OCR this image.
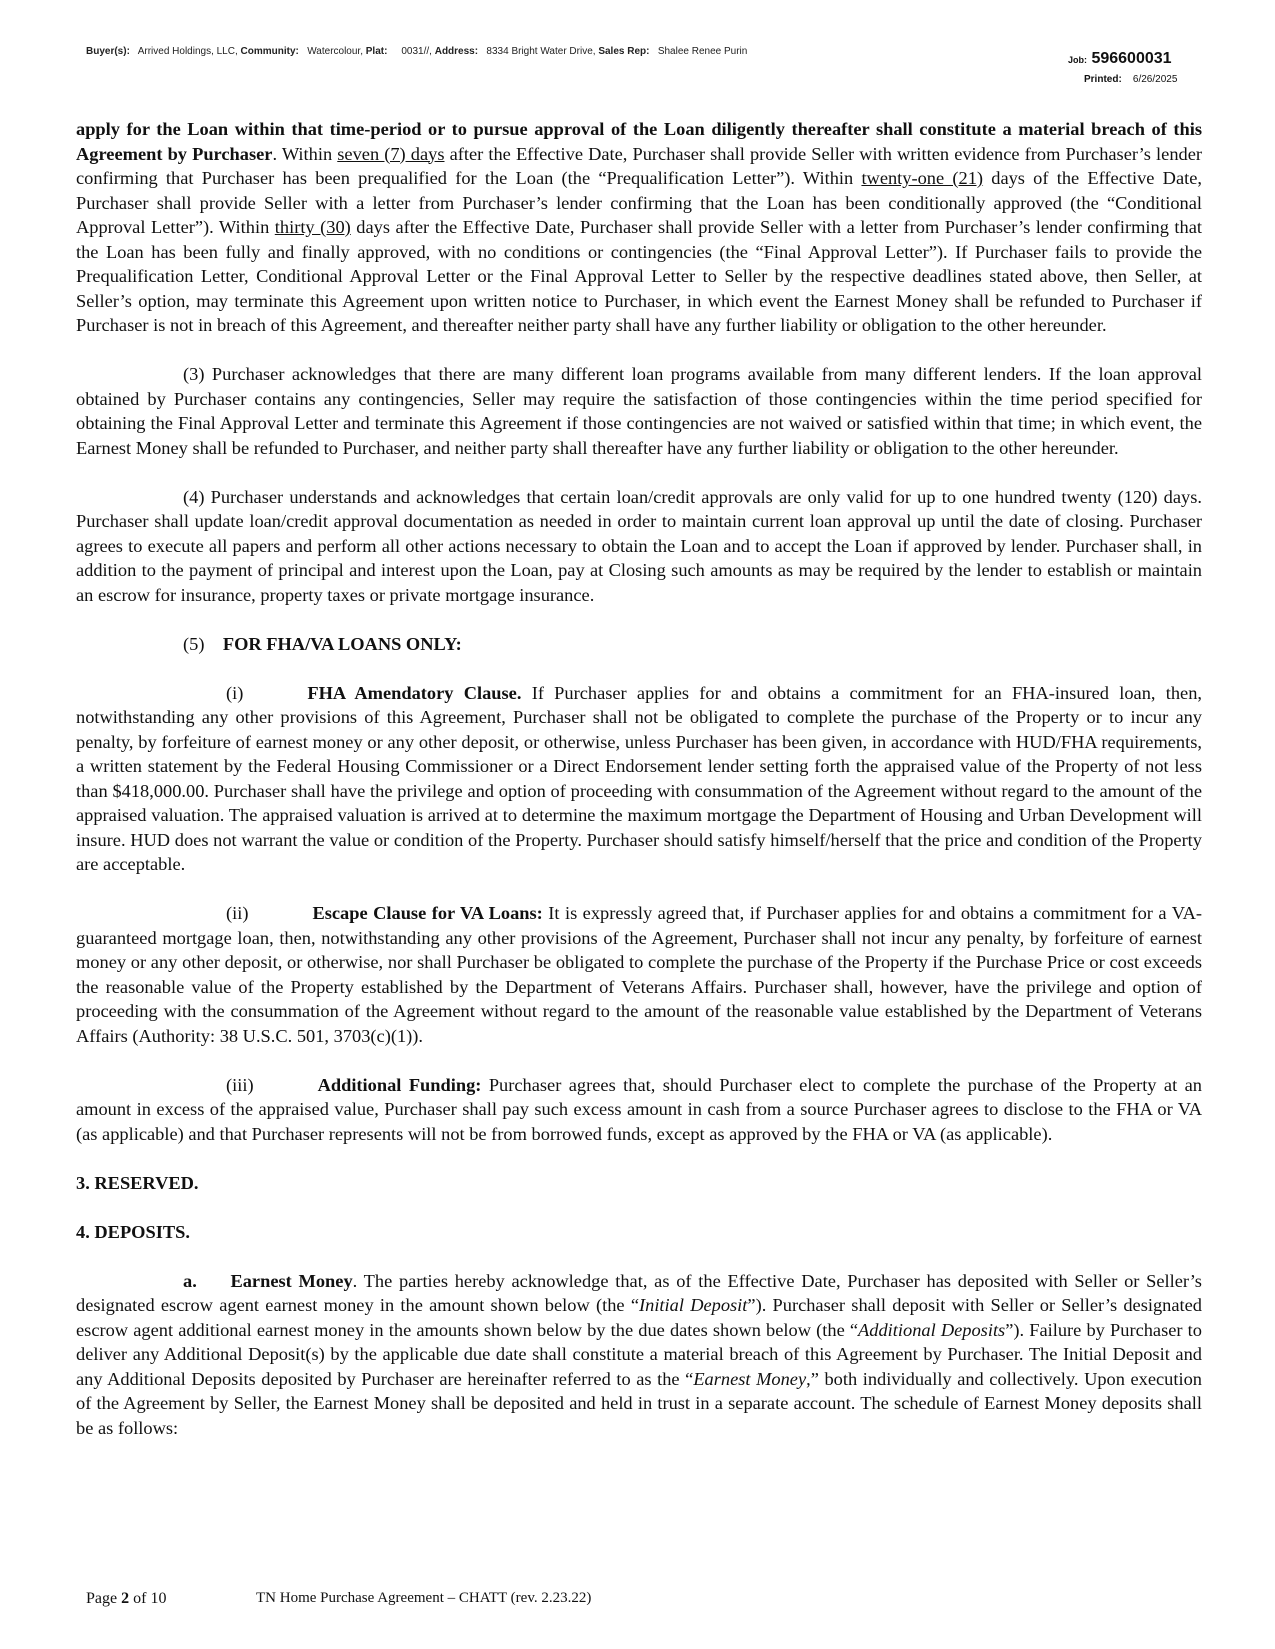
Buyer(s): Arrived Holdings, LLC, Community: Watercolour, Plat: 0031//, Address: 8334 Bright Water Drive, Sales Rep: Shalee Renee Purin
Job: 596600031
Printed: 6/26/2025

apply for the Loan within that time-period or to pursue approval of the Loan diligently thereafter shall constitute a material breach of this Agreement by Purchaser. Within seven (7) days after the Effective Date, Purchaser shall provide Seller with written evidence from Purchaser’s lender confirming that Purchaser has been prequalified for the Loan (the “Prequalification Letter”). Within twenty-one (21) days of the Effective Date, Purchaser shall provide Seller with a letter from Purchaser’s lender confirming that the Loan has been conditionally approved (the “Conditional Approval Letter”). Within thirty (30) days after the Effective Date, Purchaser shall provide Seller with a letter from Purchaser’s lender confirming that the Loan has been fully and finally approved, with no conditions or contingencies (the “Final Approval Letter”). If Purchaser fails to provide the Prequalification Letter, Conditional Approval Letter or the Final Approval Letter to Seller by the respective deadlines stated above, then Seller, at Seller’s option, may terminate this Agreement upon written notice to Purchaser, in which event the Earnest Money shall be refunded to Purchaser if Purchaser is not in breach of this Agreement, and thereafter neither party shall have any further liability or obligation to the other hereunder.

(3) Purchaser acknowledges that there are many different loan programs available from many different lenders. If the loan approval obtained by Purchaser contains any contingencies, Seller may require the satisfaction of those contingencies within the time period specified for obtaining the Final Approval Letter and terminate this Agreement if those contingencies are not waived or satisfied within that time; in which event, the Earnest Money shall be refunded to Purchaser, and neither party shall thereafter have any further liability or obligation to the other hereunder.

(4) Purchaser understands and acknowledges that certain loan/credit approvals are only valid for up to one hundred twenty (120) days. Purchaser shall update loan/credit approval documentation as needed in order to maintain current loan approval up until the date of closing. Purchaser agrees to execute all papers and perform all other actions necessary to obtain the Loan and to accept the Loan if approved by lender. Purchaser shall, in addition to the payment of principal and interest upon the Loan, pay at Closing such amounts as may be required by the lender to establish or maintain an escrow for insurance, property taxes or private mortgage insurance.

(5) FOR FHA/VA LOANS ONLY:

(i)	FHA Amendatory Clause. If Purchaser applies for and obtains a commitment for an FHA-insured loan, then, notwithstanding any other provisions of this Agreement, Purchaser shall not be obligated to complete the purchase of the Property or to incur any penalty, by forfeiture of earnest money or any other deposit, or otherwise, unless Purchaser has been given, in accordance with HUD/FHA requirements, a written statement by the Federal Housing Commissioner or a Direct Endorsement lender setting forth the appraised value of the Property of not less than $418,000.00. Purchaser shall have the privilege and option of proceeding with consummation of the Agreement without regard to the amount of the appraised valuation. The appraised valuation is arrived at to determine the maximum mortgage the Department of Housing and Urban Development will insure. HUD does not warrant the value or condition of the Property. Purchaser should satisfy himself/herself that the price and condition of the Property are acceptable.

(ii)	Escape Clause for VA Loans: It is expressly agreed that, if Purchaser applies for and obtains a commitment for a VA-guaranteed mortgage loan, then, notwithstanding any other provisions of the Agreement, Purchaser shall not incur any penalty, by forfeiture of earnest money or any other deposit, or otherwise, nor shall Purchaser be obligated to complete the purchase of the Property if the Purchase Price or cost exceeds the reasonable value of the Property established by the Department of Veterans Affairs. Purchaser shall, however, have the privilege and option of proceeding with the consummation of the Agreement without regard to the amount of the reasonable value established by the Department of Veterans Affairs (Authority: 38 U.S.C. 501, 3703(c)(1)).

(iii)	Additional Funding: Purchaser agrees that, should Purchaser elect to complete the purchase of the Property at an amount in excess of the appraised value, Purchaser shall pay such excess amount in cash from a source Purchaser agrees to disclose to the FHA or VA (as applicable) and that Purchaser represents will not be from borrowed funds, except as approved by the FHA or VA (as applicable).

3. RESERVED.

4. DEPOSITS.

a. Earnest Money. The parties hereby acknowledge that, as of the Effective Date, Purchaser has deposited with Seller or Seller’s designated escrow agent earnest money in the amount shown below (the “Initial Deposit”). Purchaser shall deposit with Seller or Seller’s designated escrow agent additional earnest money in the amounts shown below by the due dates shown below (the “Additional Deposits”). Failure by Purchaser to deliver any Additional Deposit(s) by the applicable due date shall constitute a material breach of this Agreement by Purchaser. The Initial Deposit and any Additional Deposits deposited by Purchaser are hereinafter referred to as the “Earnest Money,” both individually and collectively. Upon execution of the Agreement by Seller, the Earnest Money shall be deposited and held in trust in a separate account. The schedule of Earnest Money deposits shall be as follows:

Page 2 of 10	TN Home Purchase Agreement – CHATT (rev. 2.23.22)
